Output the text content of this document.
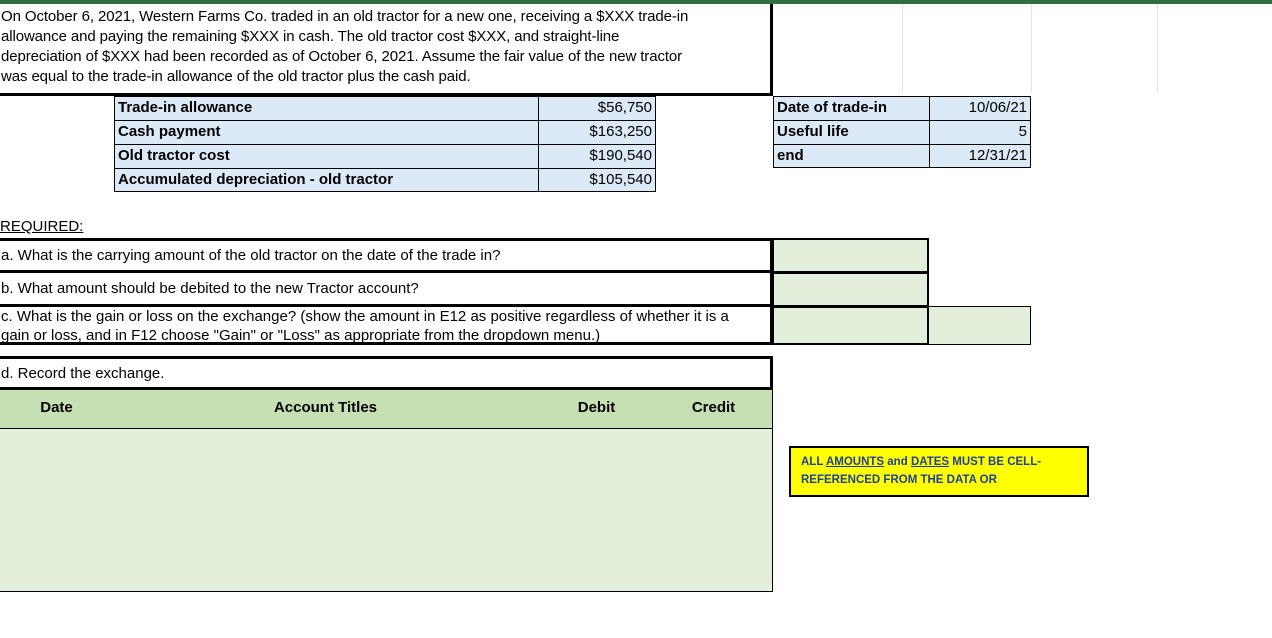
On October 6, 2021, Western Farms Co. traded in an old tractor for a new one, receiving a $XXX trade-in
allowance and paying the remaining $XXX in cash. The old tractor cost $XXX, and straight-line
depreciation of $XXX had been recorded as of October 6, 2021. Assume the fair value of the new tractor
was equal to the trade-in allowance of the old tractor plus the cash paid.
Trade-in allowance	$56,750
Cash payment	$163,250
Old tractor cost	$190,540
Accumulated depreciation - old tractor	$105,540
Date of trade-in	10/06/21
Useful life	5
end	12/31/21
REQUIRED:
a. What is the carrying amount of the old tractor on the date of the trade in?
b. What amount should be debited to the new Tractor account?
c. What is the gain or loss on the exchange? (show the amount in E12 as positive regardless of whether it is a
gain or loss, and in F12 choose "Gain" or "Loss" as appropriate from the dropdown menu.)
d. Record the exchange.
Date	Account Titles	Debit	Credit
ALL AMOUNTS and DATES MUST BE CELL-
REFERENCED FROM THE DATA OR
